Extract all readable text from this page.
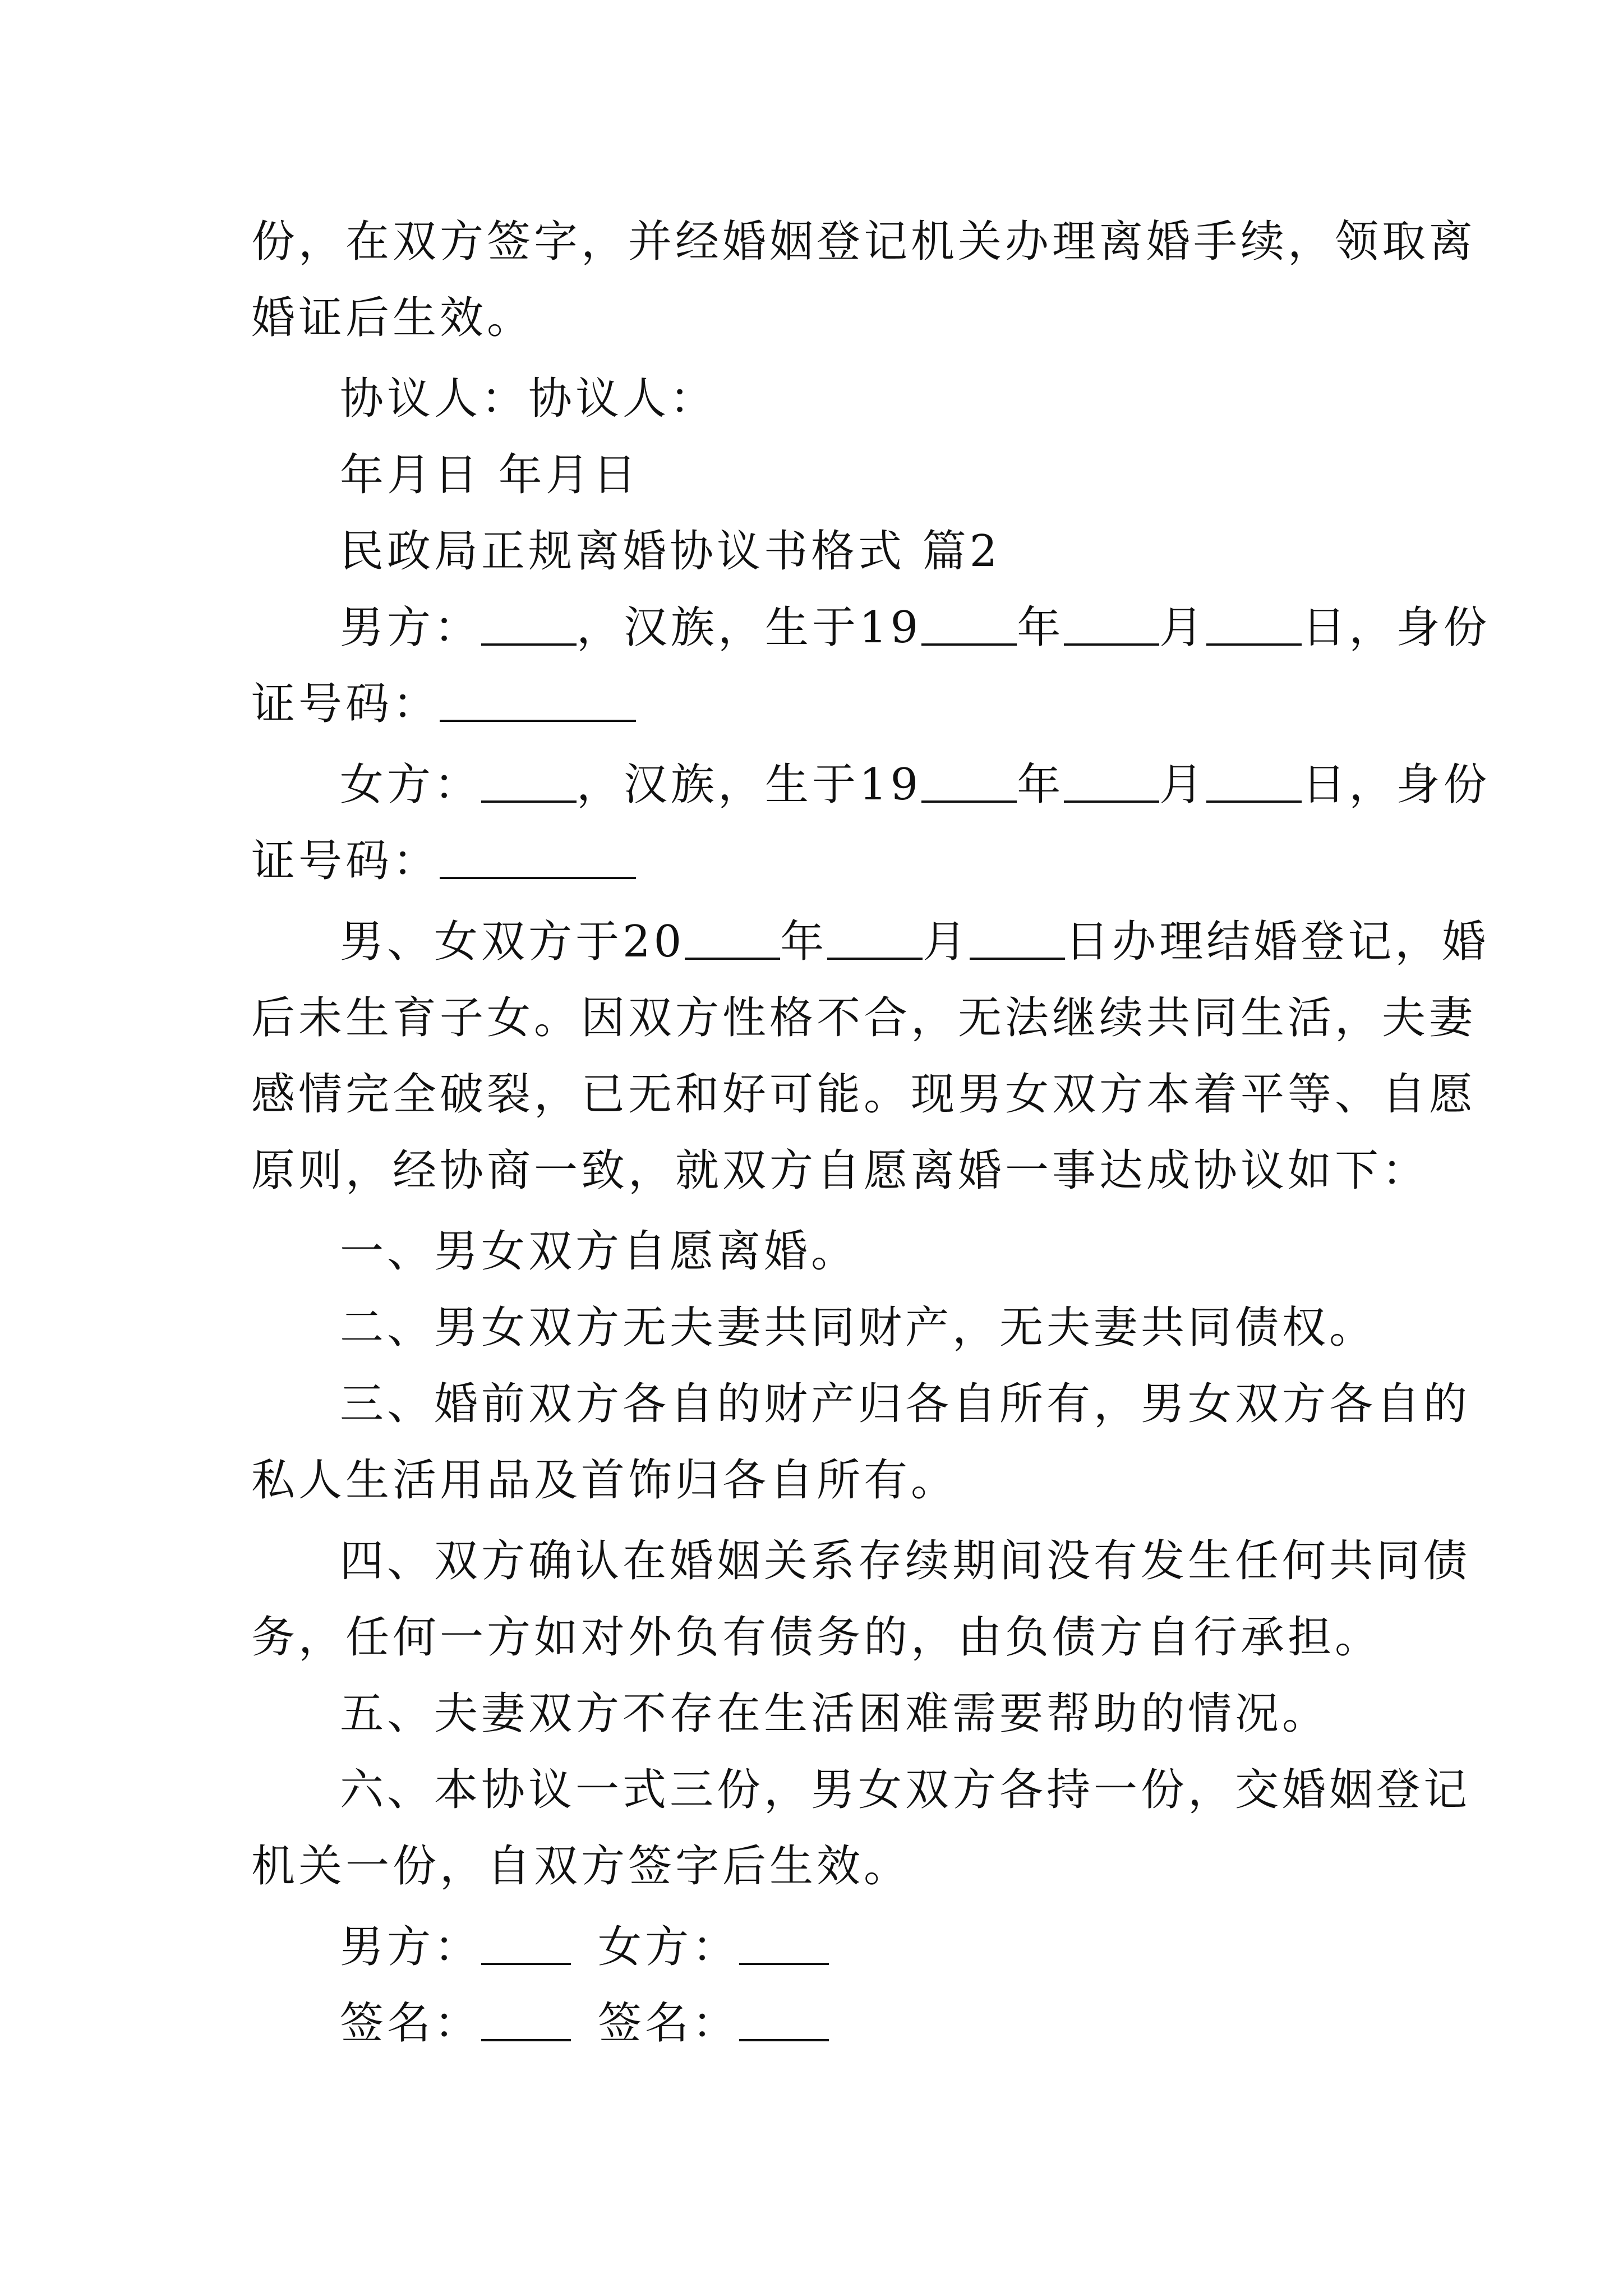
份，在双方签字，并经婚姻登记机关办理离婚手续，领取离
婚证后生效。
协议人：协议人：
年月日 年月日
民政局正规离婚协议书格式 篇2
男方： ，汉族，生于19 年 月 日，身份
证号码：
女方： ，汉族，生于19 年 月 日，身份
证号码：
男、女双方于20 年 月 日办理结婚登记，婚
后未生育子女。因双方性格不合，无法继续共同生活，夫妻
感情完全破裂，已无和好可能。现男女双方本着平等、自愿
原则，经协商一致，就双方自愿离婚一事达成协议如下：
一、男女双方自愿离婚。
二、男女双方无夫妻共同财产，无夫妻共同债权。
三、婚前双方各自的财产归各自所有，男女双方各自的
私人生活用品及首饰归各自所有。
四、双方确认在婚姻关系存续期间没有发生任何共同债
务，任何一方如对外负有债务的，由负债方自行承担。
五、夫妻双方不存在生活困难需要帮助的情况。
六、本协议一式三份，男女双方各持一份，交婚姻登记
机关一份，自双方签字后生效。
男方：	女方：
签名：	签名：
